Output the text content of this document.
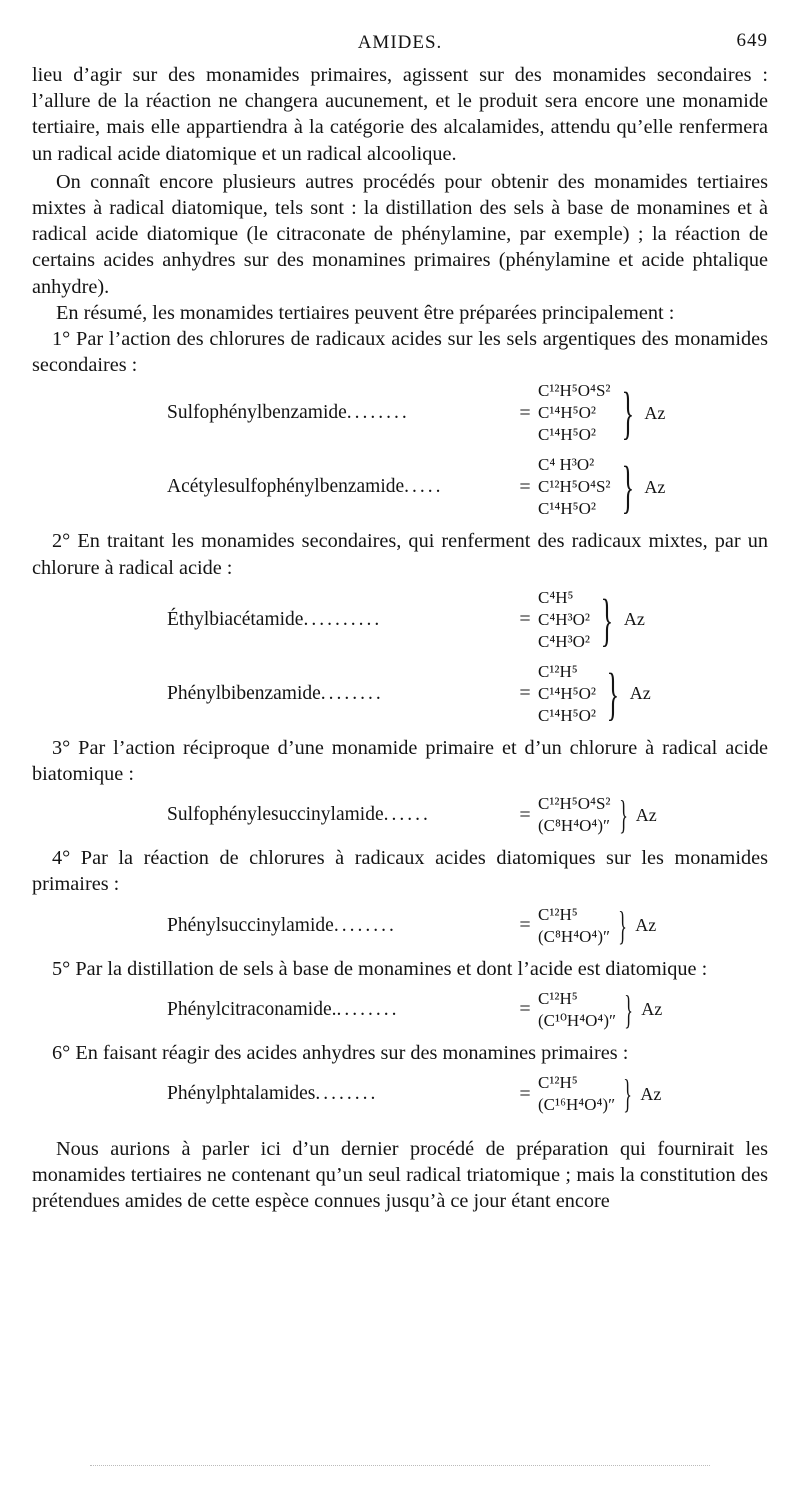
AMIDES.	649

lieu d’agir sur des monamides primaires, agissent sur des monamides secondaires : l’allure de la réaction ne changera aucunement, et le produit sera encore une monamide tertiaire, mais elle appartiendra à la catégorie des alcalamides, attendu qu’elle renfermera un radical acide diatomique et un radical alcoolique.

On connaît encore plusieurs autres procédés pour obtenir des monamides tertiaires mixtes à radical diatomique, tels sont : la distillation des sels à base de monamines et à radical acide diatomique (le citraconate de phénylamine, par exemple) ; la réaction de certains acides anhydres sur des monamines primaires (phénylamine et acide phtalique anhydre).

En résumé, les monamides tertiaires peuvent être préparées principalement :

1° Par l’action des chlorures de radicaux acides sur les sels argentiques des monamides secondaires :

Sulfophénylbenzamide........	=
C¹²H⁵O⁴S²
C¹⁴H⁵O²
C¹⁴H⁵O² } Az
Acétylesulfophénylbenzamide.....	=
C⁴ H³O²
C¹²H⁵O⁴S²
C¹⁴H⁵O² } Az

2° En traitant les monamides secondaires, qui renferment des radicaux mixtes, par un chlorure à radical acide :

Éthylbiacétamide..........	=
C⁴H⁵
C⁴H³O²
C⁴H³O² } Az
Phénylbibenzamide........	=
C¹²H⁵
C¹⁴H⁵O²
C¹⁴H⁵O² } Az

3° Par l’action réciproque d’une monamide primaire et d’un chlorure à radical acide biatomique :

Sulfophénylesuccinylamide......	= C¹²H⁵O⁴S²
(C⁸H⁴O⁴)″ } Az

4° Par la réaction de chlorures à radicaux acides diatomiques sur les monamides primaires :

Phénylsuccinylamide........	= C¹²H⁵
(C⁸H⁴O⁴)″ } Az

5° Par la distillation de sels à base de monamines et dont l’acide est diatomique :

Phénylcitraconamide.........	= C¹²H⁵
(C¹⁰H⁴O⁴)″ } Az

6° En faisant réagir des acides anhydres sur des monamines primaires :

Phénylphtalamides........	= C¹²H⁵
(C¹⁶H⁴O⁴)″ } Az

Nous aurions à parler ici d’un dernier procédé de préparation qui fournirait les monamides tertiaires ne contenant qu’un seul radical triatomique ; mais la constitution des prétendues amides de cette espèce connues jusqu’à ce jour étant encore
